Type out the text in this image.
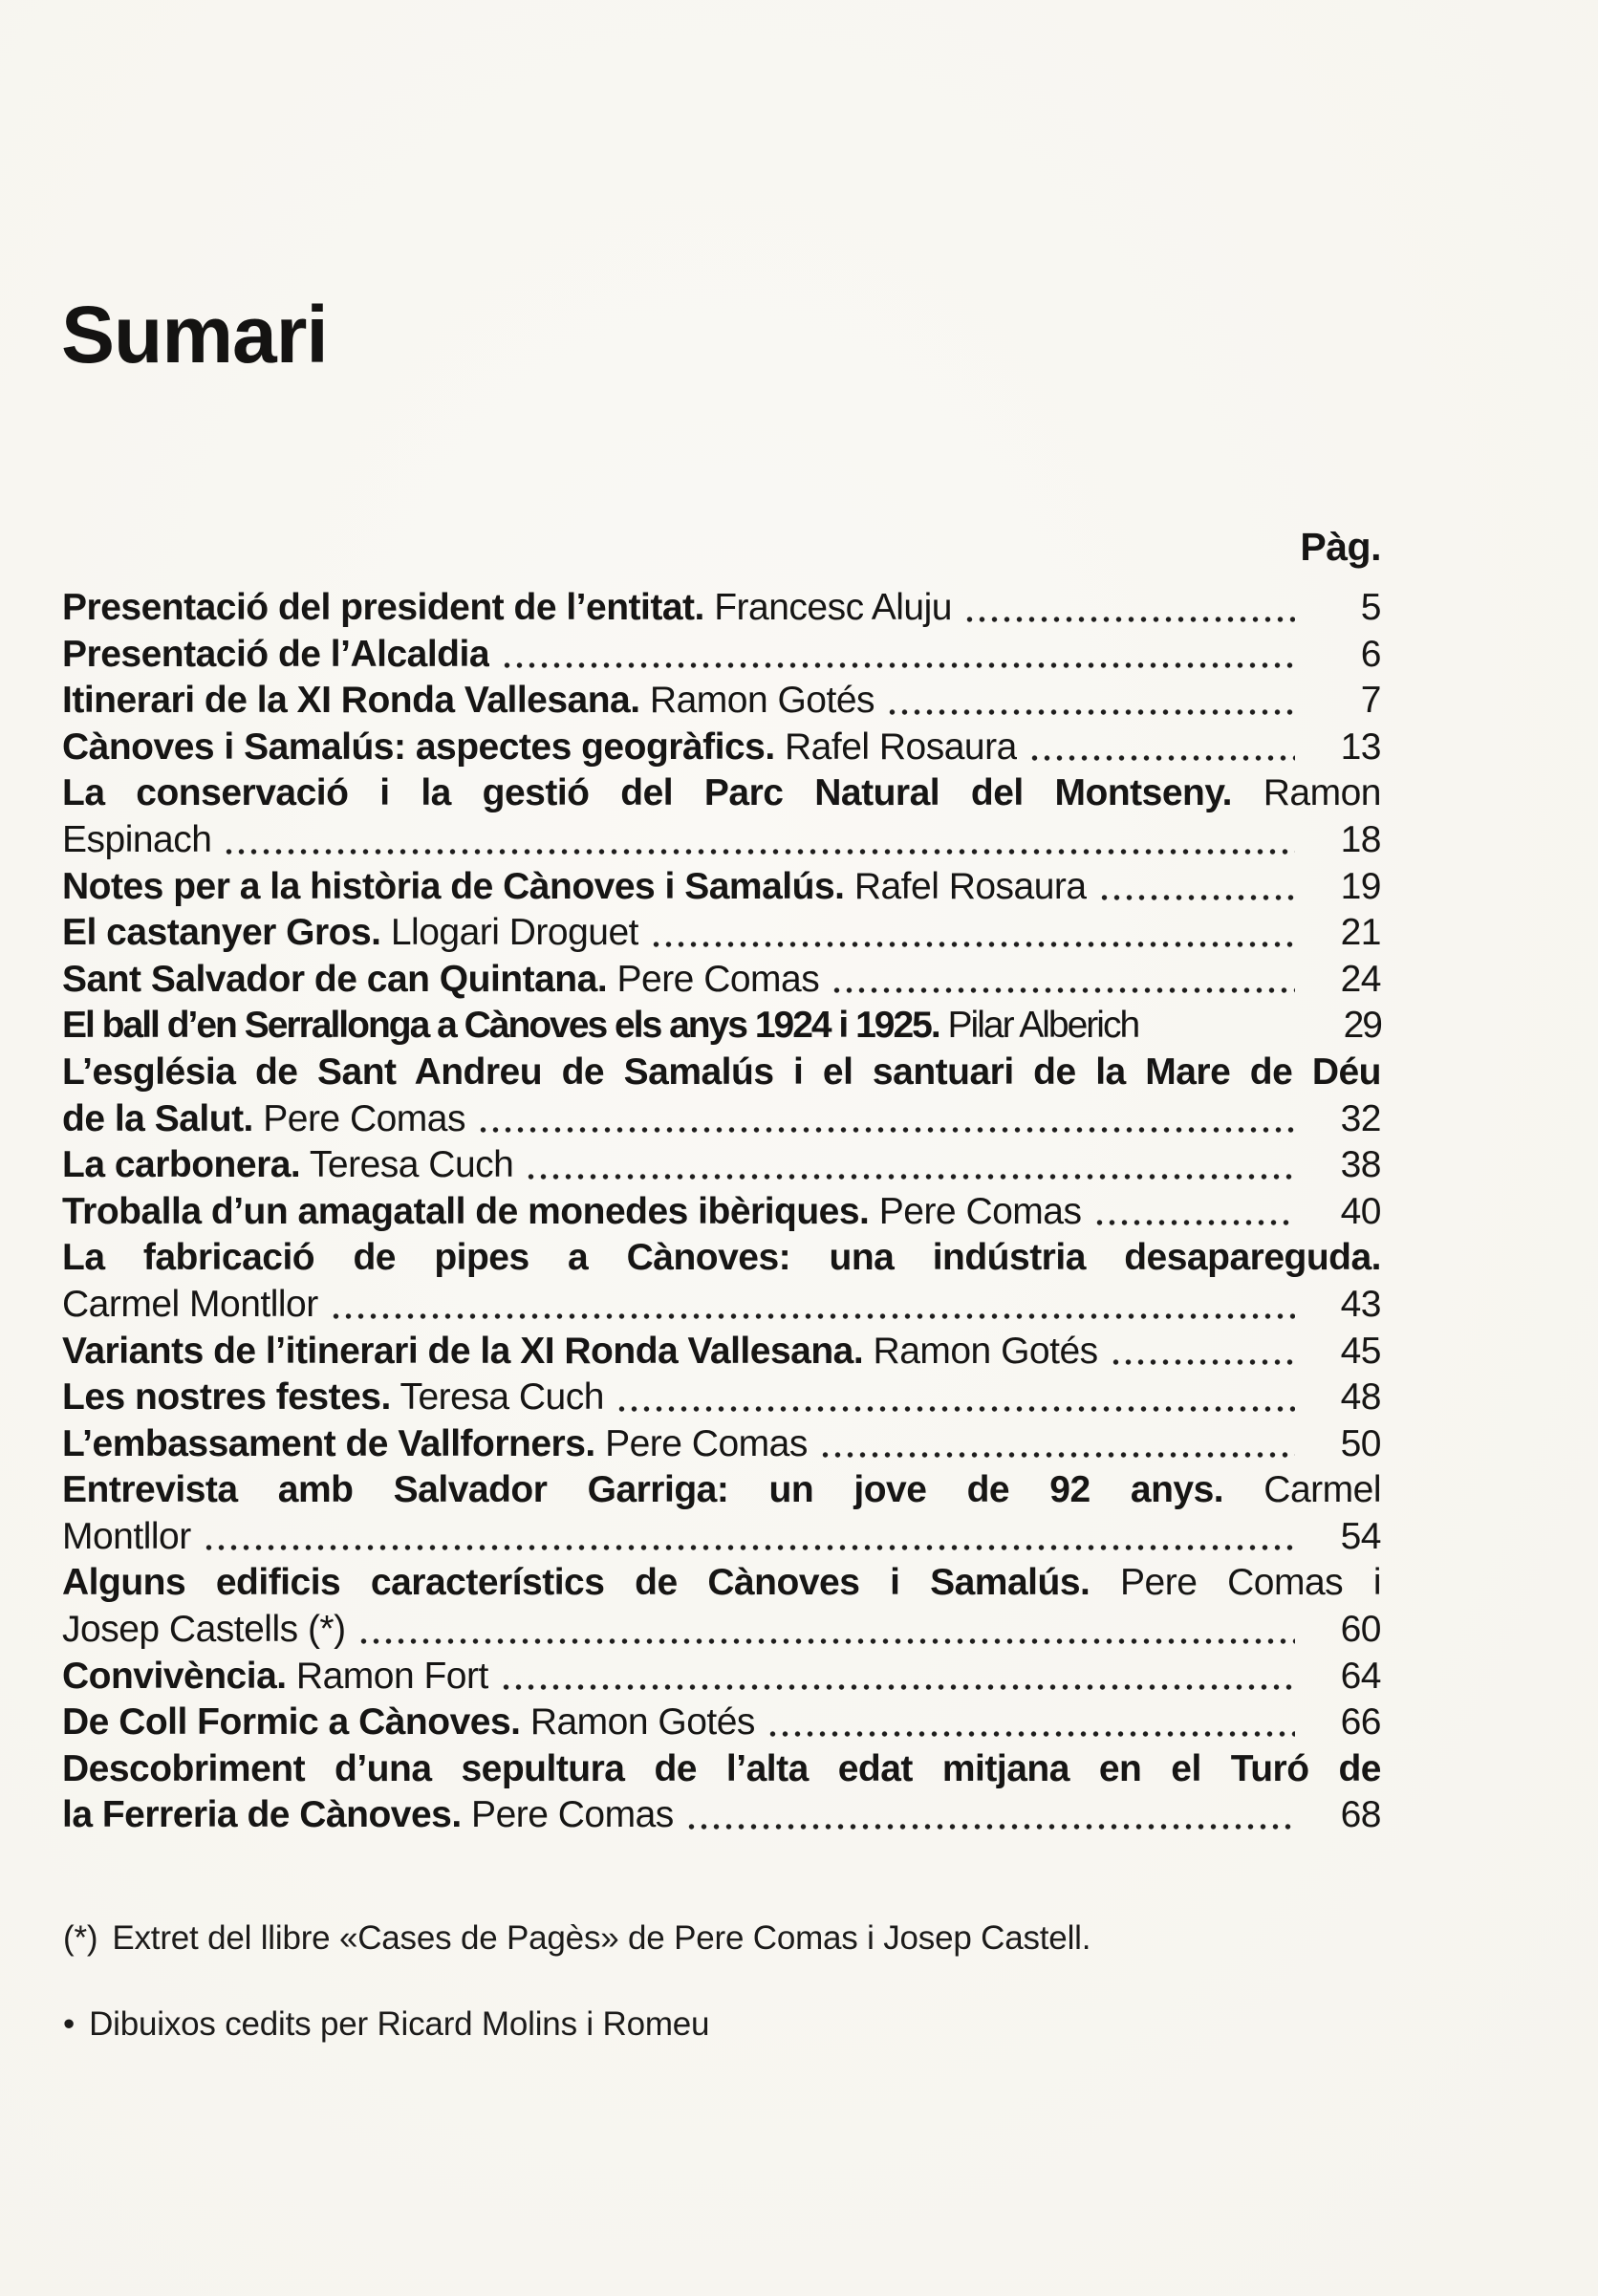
Sumari
Pàg.
Presentació del president de l’entitat. Francesc Aluju	5
Presentació de l’Alcaldia	6
Itinerari de la XI Ronda Vallesana. Ramon Gotés	7
Cànoves i Samalús: aspectes geogràfics. Rafel Rosaura	13
La conservació i la gestió del Parc Natural del Montseny. Ramon
Espinach	18
Notes per a la història de Cànoves i Samalús. Rafel Rosaura	19
El castanyer Gros. Llogari Droguet	21
Sant Salvador de can Quintana. Pere Comas	24
El ball d’en Serrallonga a Cànoves els anys 1924 i 1925. Pilar Alberich	29
L’església de Sant Andreu de Samalús i el santuari de la Mare de Déu
de la Salut. Pere Comas	32
La carbonera. Teresa Cuch	38
Troballa d’un amagatall de monedes ibèriques. Pere Comas	40
La fabricació de pipes a Cànoves: una indústria desapareguda.
Carmel Montllor	43
Variants de l’itinerari de la XI Ronda Vallesana. Ramon Gotés	45
Les nostres festes. Teresa Cuch	48
L’embassament de Vallforners. Pere Comas	50
Entrevista amb Salvador Garriga: un jove de 92 anys. Carmel
Montllor	54
Alguns edificis característics de Cànoves i Samalús. Pere Comas i
Josep Castells (*)	60
Convivència. Ramon Fort	64
De Coll Formic a Cànoves. Ramon Gotés	66
Descobriment d’una sepultura de l’alta edat mitjana en el Turó de
la Ferreria de Cànoves. Pere Comas	68
(*) Extret del llibre «Cases de Pagès» de Pere Comas i Josep Castell.
• Dibuixos cedits per Ricard Molins i Romeu
